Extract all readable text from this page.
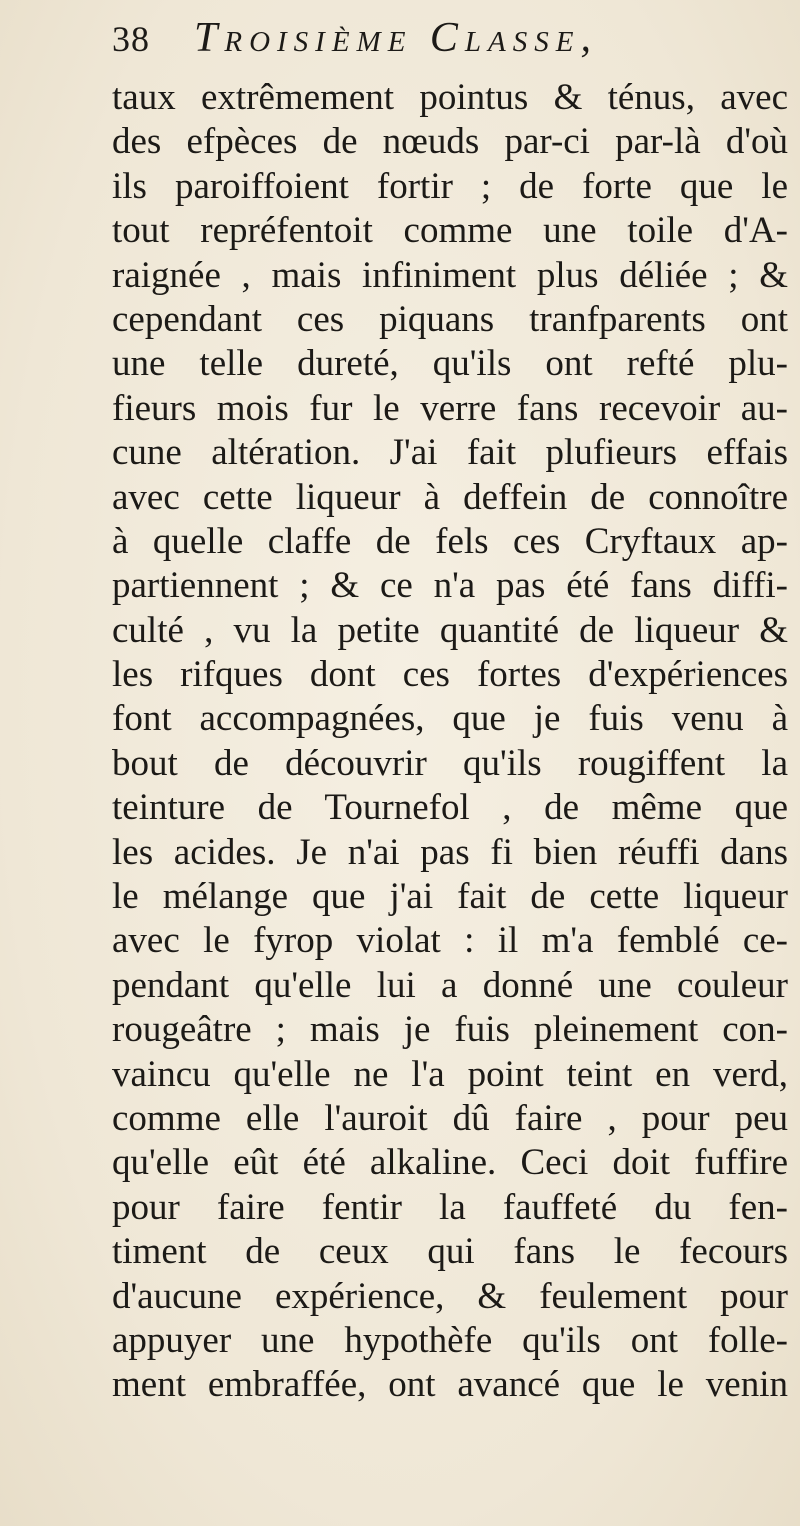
38	Troisième Classe,
taux extrêmement pointus & ténus, avec
des efpèces de nœuds par-ci par-là d'où
ils paroiffoient fortir ; de forte que le
tout repréfentoit comme une toile d'A-
raignée , mais infiniment plus déliée ; &
cependant ces piquans tranfparents ont
une telle dureté, qu'ils ont refté plu-
fieurs mois fur le verre fans recevoir au-
cune altération. J'ai fait plufieurs effais
avec cette liqueur à deffein de connoître
à quelle claffe de fels ces Cryftaux ap-
partiennent ; & ce n'a pas été fans diffi-
culté , vu la petite quantité de liqueur &
les rifques dont ces fortes d'expériences
font accompagnées, que je fuis venu à
bout de découvrir qu'ils rougiffent la
teinture de Tournefol , de même que
les acides. Je n'ai pas fi bien réuffi dans
le mélange que j'ai fait de cette liqueur
avec le fyrop violat : il m'a femblé ce-
pendant qu'elle lui a donné une couleur
rougeâtre ; mais je fuis pleinement con-
vaincu qu'elle ne l'a point teint en verd,
comme elle l'auroit dû faire , pour peu
qu'elle eût été alkaline. Ceci doit fuffire
pour faire fentir la fauffeté du fen-
timent de ceux qui fans le fecours
d'aucune expérience, & feulement pour
appuyer une hypothèfe qu'ils ont folle-
ment embraffée, ont avancé que le venin
